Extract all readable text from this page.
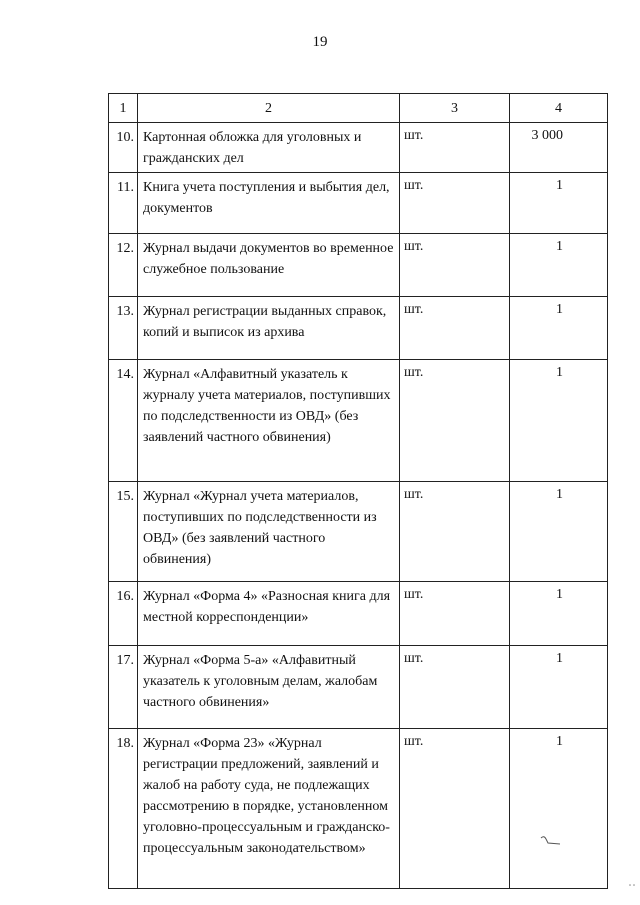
19
1	2	3	4
10.	Картонная обложка для уголовных и гражданских дел	шт.	3 000
11.	Книга учета поступления и выбытия дел, документов	шт.	1
12.	Журнал выдачи документов во временное служебное пользование	шт.	1
13.	Журнал регистрации выданных справок, копий и выписок из архива	шт.	1
14.	Журнал «Алфавитный указатель к журналу учета материалов, поступивших по подследственности из ОВД» (без заявлений частного обвинения)	шт.	1
15.	Журнал «Журнал учета материалов, поступивших по подследственности из ОВД» (без заявлений частного обвинения)	шт.	1
16.	Журнал «Форма 4» «Разносная книга для местной корреспонденции»	шт.	1
17.	Журнал «Форма 5-а» «Алфавитный указатель к уголовным делам, жалобам частного обвинения»	шт.	1
18.	Журнал «Форма 23» «Журнал регистрации предложений, заявлений и жалоб на работу суда, не подлежащих рассмотрению в порядке, установленном уголовно-процессуальным и гражданско-процессуальным законодательством»	шт.	1
